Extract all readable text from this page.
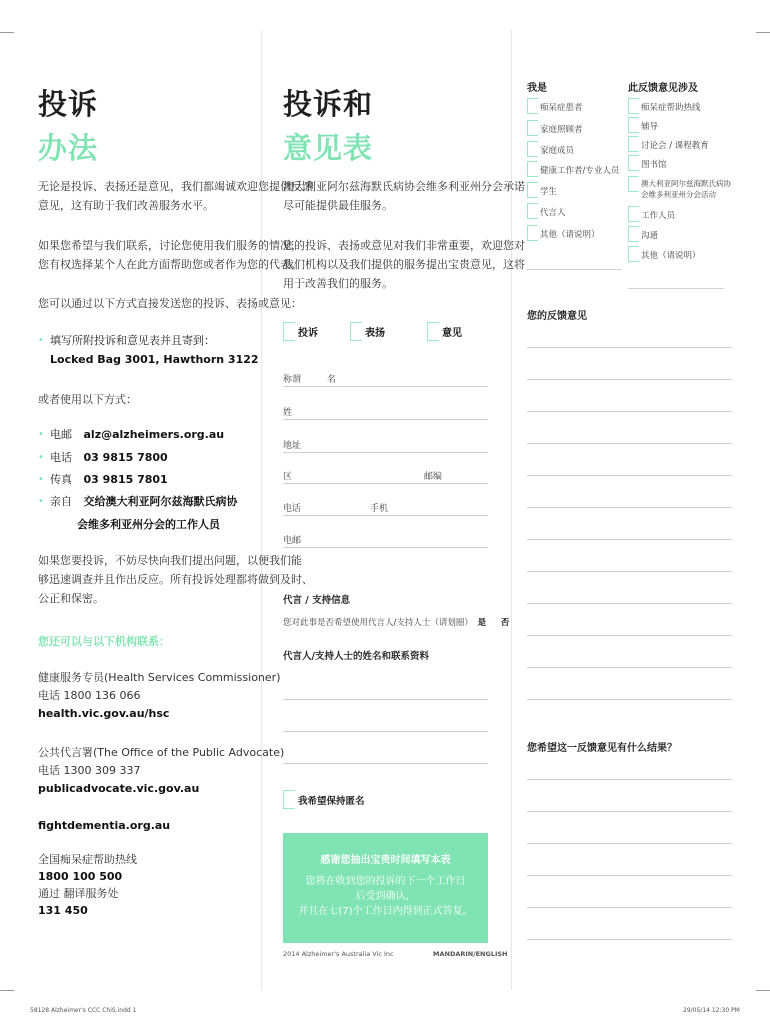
投诉
办法
无论是投诉、表扬还是意见，我们都竭诚欢迎您提供反馈
意见，这有助于我们改善服务水平。
如果您希望与我们联系，讨论您使用我们服务的情况，
您有权选择某个人在此方面帮助您或者作为您的代表。
您可以通过以下方式直接发送您的投诉、表扬或意见：
• 填写所附投诉和意见表并且寄到：
Locked Bag 3001, Hawthorn 3122
或者使用以下方式：
• 电邮 alz@alzheimers.org.au
• 电话 03 9815 7800
• 传真 03 9815 7801
• 亲自 交给澳大利亚阿尔兹海默氏病协
会维多利亚州分会的工作人员
如果您要投诉，不妨尽快向我们提出问题，以便我们能
够迅速调查并且作出反应。所有投诉处理都将做到及时、
公正和保密。
您还可以与以下机构联系：
健康服务专员(Health Services Commissioner)
电话 1800 136 066
health.vic.gov.au/hsc
公共代言署(The Office of the Public Advocate)
电话 1300 309 337
publicadvocate.vic.gov.au
fightdementia.org.au
全国痴呆症帮助热线
1800 100 500
通过 翻译服务处
131 450
投诉和
意见表
澳大利亚阿尔兹海默氏病协会维多利亚州分会承诺
尽可能提供最佳服务。
您的投诉、表扬或意见对我们非常重要，欢迎您对
我们机构以及我们提供的服务提出宝贵意见，这将
用于改善我们的服务。
投诉	表扬	意见
称谓	名
姓
地址
区	邮编
电话	手机
电邮
代言 / 支持信息
您对此事是否希望使用代言人/支持人士（请划圈） 是 否
代言人/支持人士的姓名和联系资料
我希望保持匿名
感谢您抽出宝贵时间填写本表
您将在收到您的投诉的下一个工作日
后受到确认，
并且在七(7)个工作日内得到正式答复。
2014 Alzheimer's Australia Vic Inc	MANDARIN/ENGLISH
我是	此反馈意见涉及
痴呆症患者
家庭照顾者
家庭成员
健康工作者/专业人员
学生
代言人
其他（请说明）
痴呆症帮助热线
辅导
讨论会 / 课程教育
图书馆
澳大利亚阿尔兹海默氏病协会维多利亚州分会活动
工作人员
沟通
其他（请说明）
您的反馈意见
您希望这一反馈意见有什么结果？
58128 Alzheimer's CCC ChiS.indd 1	29/05/14 12:30 PM
